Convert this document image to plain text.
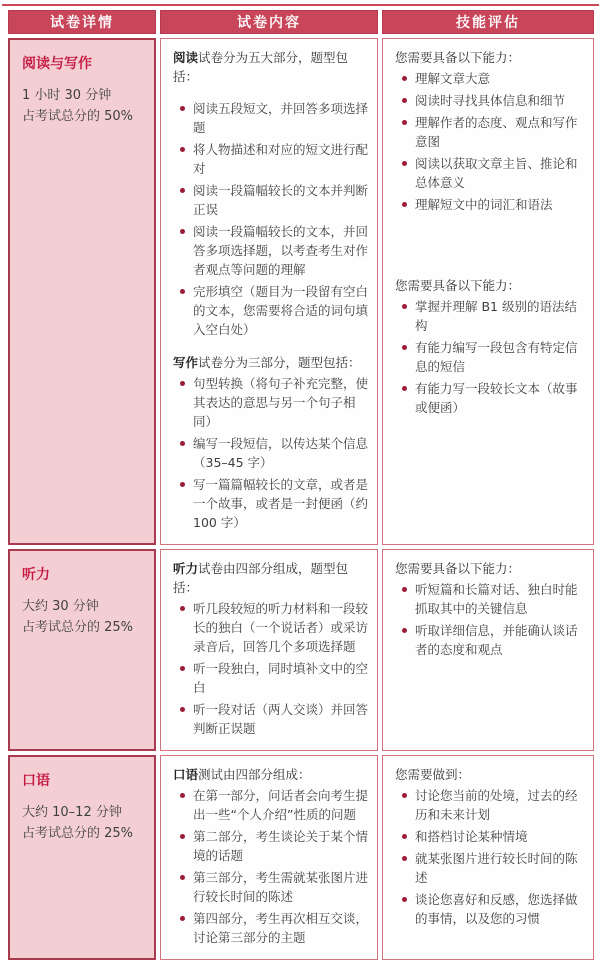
试卷详情	试卷内容	技能评估
阅读与写作
1 小时 30 分钟
占考试总分的 50%

阅读试卷分为五大部分，题型包括：

阅读五段短文，并回答多项选择题
将人物描述和对应的短文进行配对
阅读一段篇幅较长的文本并判断正误
阅读一段篇幅较长的文本，并回答多项选择题，以考查考生对作者观点等问题的理解
完形填空（题目为一段留有空白的文本，您需要将合适的词句填入空白处）

写作试卷分为三部分，题型包括：

句型转换（将句子补充完整，使其表达的意思与另一个句子相同）
编写一段短信，以传达某个信息（35–45 字）
写一篇篇幅较长的文章，或者是一个故事，或者是一封便函（约 100 字）

您需要具备以下能力：

理解文章大意
阅读时寻找具体信息和细节
理解作者的态度、观点和写作意图
阅读以获取文章主旨、推论和总体意义
理解短文中的词汇和语法

您需要具备以下能力：

掌握并理解 B1 级别的语法结构
有能力编写一段包含有特定信息的短信
有能力写一段较长文本（故事或便函）
听力
大约 30 分钟
占考试总分的 25%

听力试卷由四部分组成，题型包括：

听几段较短的听力材料和一段较长的独白（一个说话者）或采访录音后，回答几个多项选择题
听一段独白，同时填补文中的空白
听一段对话（两人交谈）并回答判断正误题

您需要具备以下能力：

听短篇和长篇对话、独白时能抓取其中的关键信息
听取详细信息，并能确认谈话者的态度和观点
口语
大约 10–12 分钟
占考试总分的 25%

口语测试由四部分组成：

在第一部分，问话者会向考生提出一些“个人介绍”性质的问题
第二部分，考生谈论关于某个情境的话题
第三部分，考生需就某张图片进行较长时间的陈述
第四部分，考生再次相互交谈，讨论第三部分的主题

您需要做到：

讨论您当前的处境，过去的经历和未来计划
和搭档讨论某种情境
就某张图片进行较长时间的陈述
谈论您喜好和反感，您选择做的事情，以及您的习惯
